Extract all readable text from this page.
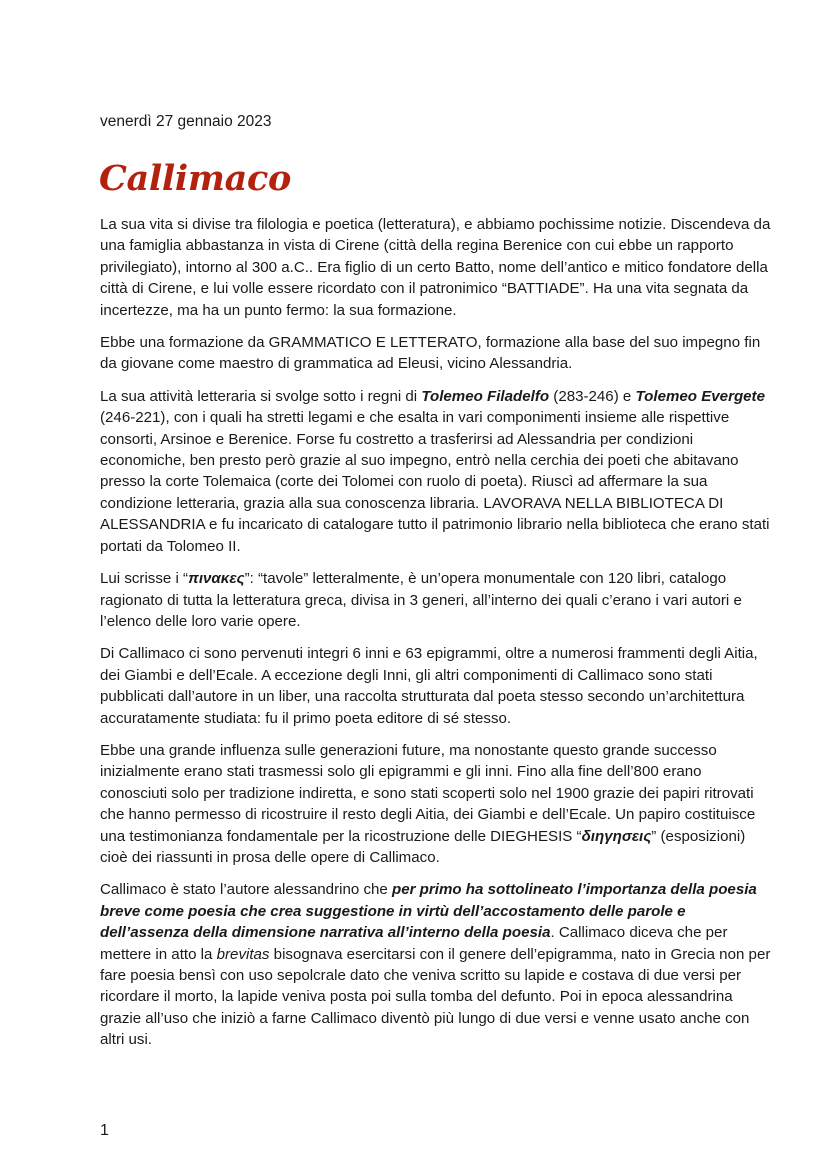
venerdì 27 gennaio 2023
Callimaco

La sua vita si divise tra filologia e poetica (letteratura), e abbiamo pochissime notizie. Discendeva da una famiglia abbastanza in vista di Cirene (città della regina Berenice con cui ebbe un rapporto privilegiato), intorno al 300 a.C.. Era figlio di un certo Batto, nome dell’antico e mitico fondatore della città di Cirene, e lui volle essere ricordato con il patronimico “BATTIADE”. Ha una vita segnata da incertezze, ma ha un punto fermo: la sua formazione.

Ebbe una formazione da GRAMMATICO E LETTERATO, formazione alla base del suo impegno fin da giovane come maestro di grammatica ad Eleusi, vicino Alessandria.

La sua attività letteraria si svolge sotto i regni di Tolemeo Filadelfo (283-246) e Tolemeo Evergete (246-221), con i quali ha stretti legami e che esalta in vari componimenti insieme alle rispettive consorti, Arsinoe e Berenice. Forse fu costretto a trasferirsi ad Alessandria per condizioni economiche, ben presto però grazie al suo impegno, entrò nella cerchia dei poeti che abitavano presso la corte Tolemaica (corte dei Tolomei con ruolo di poeta). Riuscì ad affermare la sua condizione letteraria, grazia alla sua conoscenza libraria. LAVORAVA NELLA BIBLIOTECA DI ALESSANDRIA e fu incaricato di catalogare tutto il patrimonio librario nella biblioteca che erano stati portati da Tolomeo II.

Lui scrisse i “πινακες”: “tavole” letteralmente, è un’opera monumentale con 120 libri, catalogo ragionato di tutta la letteratura greca, divisa in 3 generi, all’interno dei quali c’erano i vari autori e l’elenco delle loro varie opere.

Di Callimaco ci sono pervenuti integri 6 inni e 63 epigrammi, oltre a numerosi frammenti degli Aitia, dei Giambi e dell’Ecale. A eccezione degli Inni, gli altri componimenti di Callimaco sono stati pubblicati dall’autore in un liber, una raccolta strutturata dal poeta stesso secondo un’architettura accuratamente studiata: fu il primo poeta editore di sé stesso.

Ebbe una grande influenza sulle generazioni future, ma nonostante questo grande successo inizialmente erano stati trasmessi solo gli epigrammi e gli inni. Fino alla fine dell’800 erano conosciuti solo per tradizione indiretta, e sono stati scoperti solo nel 1900 grazie dei papiri ritrovati che hanno permesso di ricostruire il resto degli Aitia, dei Giambi e dell’Ecale. Un papiro costituisce una testimonianza fondamentale per la ricostruzione delle DIEGHESIS “διηγησεις” (esposizioni) cioè dei riassunti in prosa delle opere di Callimaco.

Callimaco è stato l’autore alessandrino che per primo ha sottolineato l’importanza della poesia breve come poesia che crea suggestione in virtù dell’accostamento delle parole e dell’assenza della dimensione narrativa all’interno della poesia. Callimaco diceva che per mettere in atto la brevitas bisognava esercitarsi con il genere dell’epigramma, nato in Grecia non per fare poesia bensì con uso sepolcrale dato che veniva scritto su lapide e costava di due versi per ricordare il morto, la lapide veniva posta poi sulla tomba del defunto. Poi in epoca alessandrina grazie all’uso che iniziò a farne Callimaco diventò più lungo di due versi e venne usato anche con altri usi.

1
